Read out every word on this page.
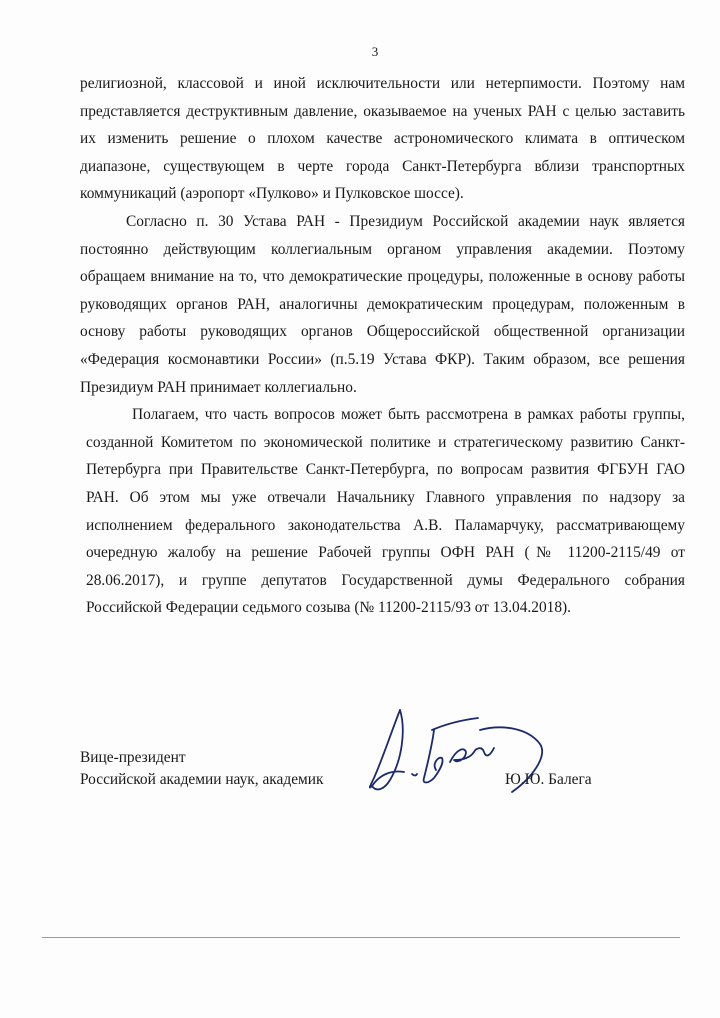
3

религиозной, классовой и иной исключительности или нетерпимости. Поэтому нам представляется деструктивным давление, оказываемое на ученых РАН с целью заставить их изменить решение о плохом качестве астрономического климата в оптическом диапазоне, существующем в черте города Санкт-Петербурга вблизи транспортных коммуникаций (аэропорт «Пулково» и Пулковское шоссе).

Согласно п. 30 Устава РАН - Президиум Российской академии наук является постоянно действующим коллегиальным органом управления академии. Поэтому обращаем внимание на то, что демократические процедуры, положенные в основу работы руководящих органов РАН, аналогичны демократическим процедурам, положенным в основу работы руководящих органов Общероссийской общественной организации «Федерация космонавтики России» (п.5.19 Устава ФКР). Таким образом, все решения Президиум РАН принимает коллегиально.

Полагаем, что часть вопросов может быть рассмотрена в рамках работы группы, созданной Комитетом по экономической политике и стратегическому развитию Санкт-Петербурга при Правительстве Санкт-Петербурга, по вопросам развития ФГБУН ГАО РАН. Об этом мы уже отвечали Начальнику Главного управления по надзору за исполнением федерального законодательства А.В. Паламарчуку, рассматривающему очередную жалобу на решение Рабочей группы ОФН РАН (№ 11200-2115/49 от 28.06.2017), и группе депутатов Государственной думы Федерального собрания Российской Федерации седьмого созыва (№ 11200-2115/93 от 13.04.2018).

Вице-президент
Российской академии наук, академик	Ю.Ю. Балега
